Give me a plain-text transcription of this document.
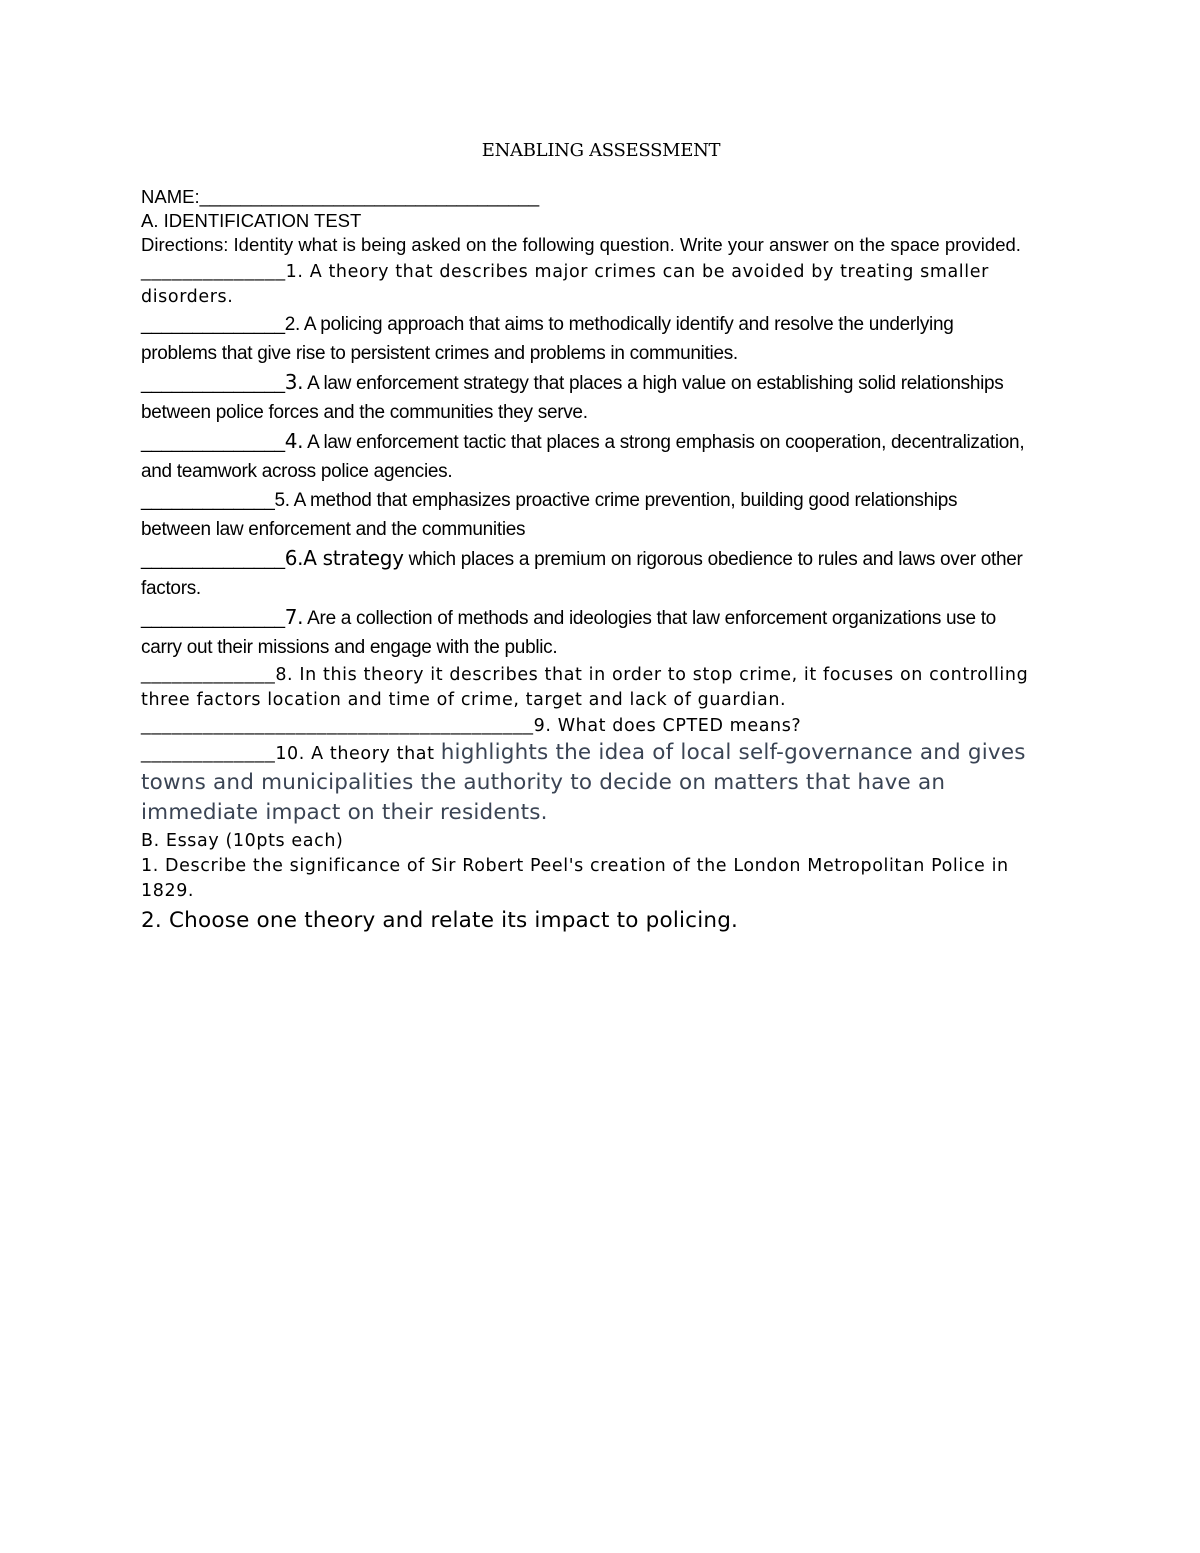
ENABLING ASSESSMENT
NAME:_________________________________
A. IDENTIFICATION TEST
Directions: Identity what is being asked on the following question. Write your answer on the space provided.
______________1. A theory that describes major crimes can be avoided by treating smaller disorders.
______________2. A policing approach that aims to methodically identify and resolve the underlying problems that give rise to persistent crimes and problems in communities.
______________3. A law enforcement strategy that places a high value on establishing solid relationships between police forces and the communities they serve.
______________4. A law enforcement tactic that places a strong emphasis on cooperation, decentralization, and teamwork across police agencies.
_____________5. A method that emphasizes proactive crime prevention, building good relationships between law enforcement and the communities
______________6.A strategy which places a premium on rigorous obedience to rules and laws over other factors.
______________7. Are a collection of methods and ideologies that law enforcement organizations use to carry out their missions and engage with the public.
_____________8. In this theory it describes that in order to stop crime, it focuses on controlling three factors location and time of crime, target and lack of guardian.
______________________________________9. What does CPTED means?
_____________10. A theory that highlights the idea of local self-governance and gives towns and municipalities the authority to decide on matters that have an immediate impact on their residents.
B. Essay (10pts each)
1. Describe the significance of Sir Robert Peel's creation of the London Metropolitan Police in 1829.
2. Choose one theory and relate its impact to policing.
